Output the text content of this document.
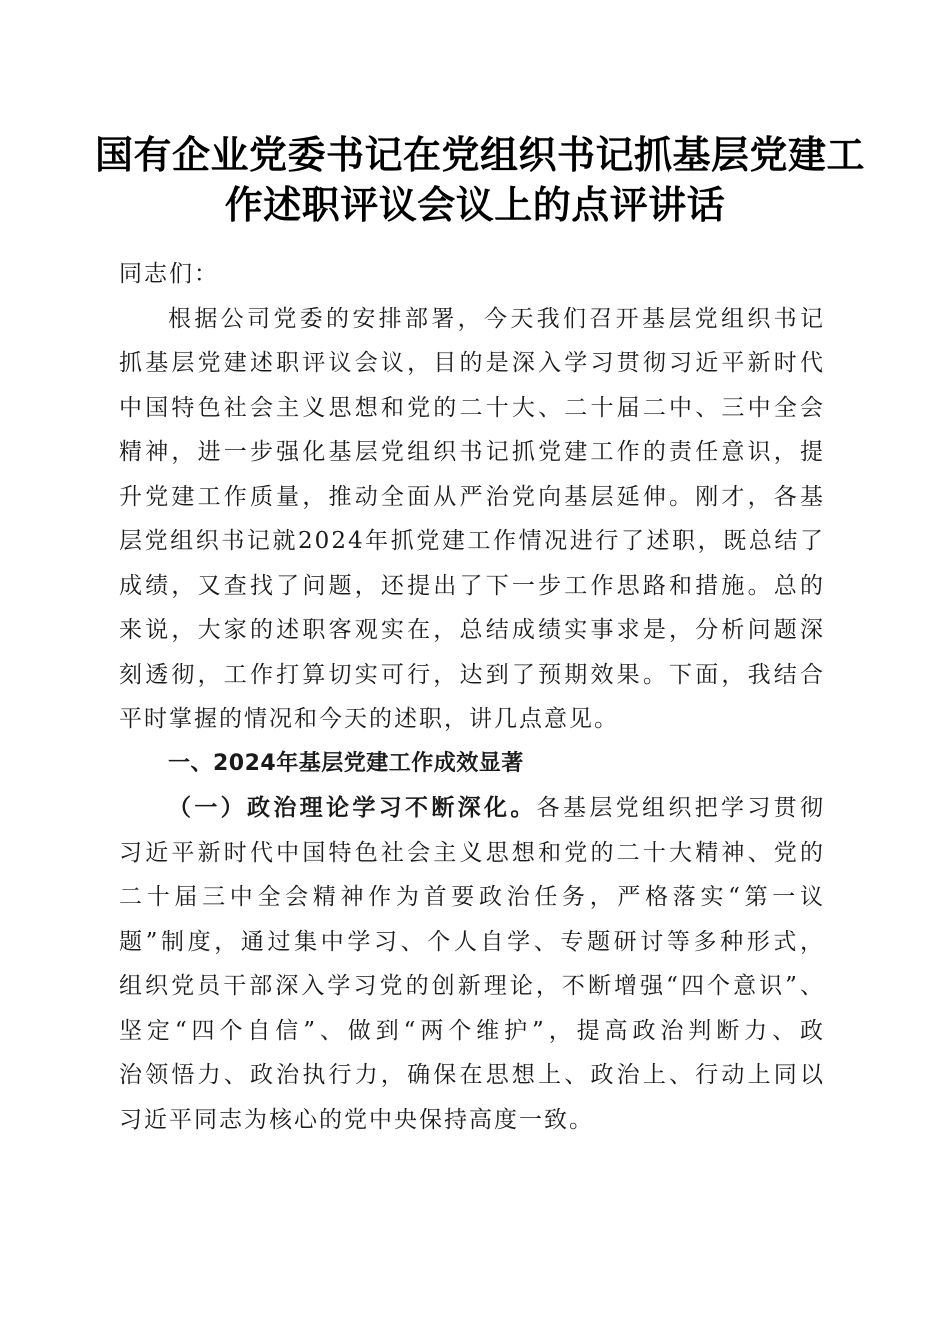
国有企业党委书记在党组织书记抓基层党建工
作述职评议会议上的点评讲话

同志们：

根据公司党委的安排部署，今天我们召开基层党组织书记
抓基层党建述职评议会议，目的是深入学习贯彻习近平新时代
中国特色社会主义思想和党的二十大、二十届二中、三中全会
精神，进一步强化基层党组织书记抓党建工作的责任意识，提
升党建工作质量，推动全面从严治党向基层延伸。刚才，各基
层党组织书记就2024年抓党建工作情况进行了述职，既总结了
成绩，又查找了问题，还提出了下一步工作思路和措施。总的
来说，大家的述职客观实在，总结成绩实事求是，分析问题深
刻透彻，工作打算切实可行，达到了预期效果。下面，我结合
平时掌握的情况和今天的述职，讲几点意见。

一、2024年基层党建工作成效显著

（一）政治理论学习不断深化。各基层党组织把学习贯彻
习近平新时代中国特色社会主义思想和党的二十大精神、党的
二十届三中全会精神作为首要政治任务，严格落实“第一议
题”制度，通过集中学习、个人自学、专题研讨等多种形式，
组织党员干部深入学习党的创新理论，不断增强“四个意识”、
坚定“四个自信”、做到“两个维护”，提高政治判断力、政
治领悟力、政治执行力，确保在思想上、政治上、行动上同以
习近平同志为核心的党中央保持高度一致。
